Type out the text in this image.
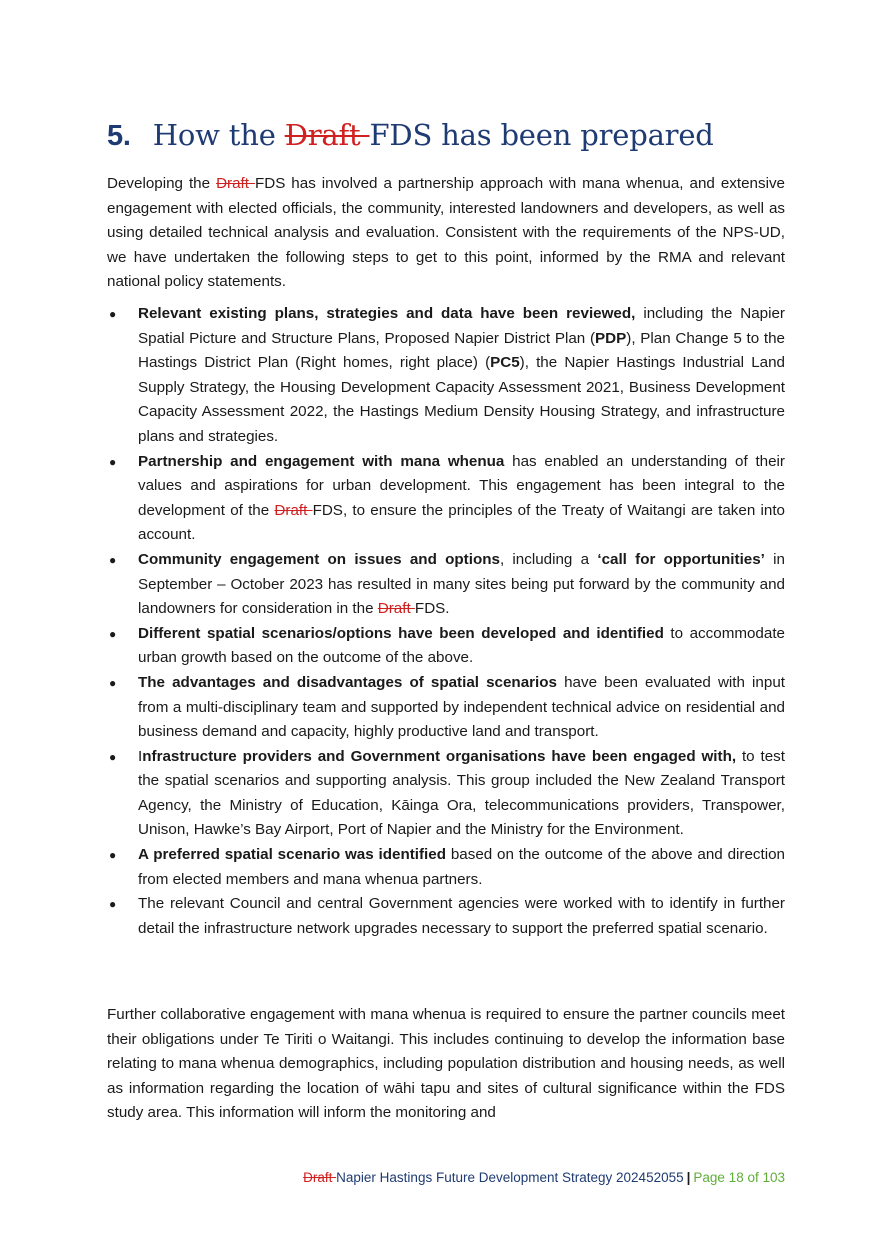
5. How the Draft FDS has been prepared

Developing the Draft FDS has involved a partnership approach with mana whenua, and extensive engagement with elected officials, the community, interested landowners and developers, as well as using detailed technical analysis and evaluation. Consistent with the requirements of the NPS-UD, we have undertaken the following steps to get to this point, informed by the RMA and relevant national policy statements.

● Relevant existing plans, strategies and data have been reviewed, including the Napier Spatial Picture and Structure Plans, Proposed Napier District Plan (PDP), Plan Change 5 to the Hastings District Plan (Right homes, right place) (PC5), the Napier Hastings Industrial Land Supply Strategy, the Housing Development Capacity Assessment 2021, Business Development Capacity Assessment 2022, the Hastings Medium Density Housing Strategy, and infrastructure plans and strategies.
● Partnership and engagement with mana whenua has enabled an understanding of their values and aspirations for urban development. This engagement has been integral to the development of the Draft FDS, to ensure the principles of the Treaty of Waitangi are taken into account.
● Community engagement on issues and options, including a ‘call for opportunities’ in September – October 2023 has resulted in many sites being put forward by the community and landowners for consideration in the Draft FDS.
● Different spatial scenarios/options have been developed and identified to accommodate urban growth based on the outcome of the above.
● The advantages and disadvantages of spatial scenarios have been evaluated with input from a multi-disciplinary team and supported by independent technical advice on residential and business demand and capacity, highly productive land and transport.
● Infrastructure providers and Government organisations have been engaged with, to test the spatial scenarios and supporting analysis. This group included the New Zealand Transport Agency, the Ministry of Education, Kāinga Ora, telecommunications providers, Transpower, Unison, Hawke’s Bay Airport, Port of Napier and the Ministry for the Environment.
● A preferred spatial scenario was identified based on the outcome of the above and direction from elected members and mana whenua partners.
● The relevant Council and central Government agencies were worked with to identify in further detail the infrastructure network upgrades necessary to support the preferred spatial scenario.

Further collaborative engagement with mana whenua is required to ensure the partner councils meet their obligations under Te Tiriti o Waitangi. This includes continuing to develop the information base relating to mana whenua demographics, including population distribution and housing needs, as well as information regarding the location of wāhi tapu and sites of cultural significance within the FDS study area. This information will inform the monitoring and

Draft Napier Hastings Future Development Strategy 202452055 | Page 18 of 103
